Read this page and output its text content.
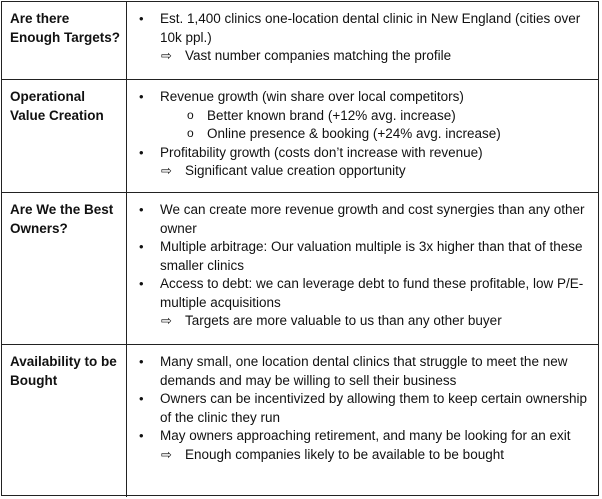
Are there Enough Targets?
• Est. 1,400 clinics one-location dental clinic in New England (cities over 10k ppl.)
⇨ Vast number companies matching the profile
Operational Value Creation
• Revenue growth (win share over local competitors)
o Better known brand (+12% avg. increase)
o Online presence & booking (+24% avg. increase)
• Profitability growth (costs don’t increase with revenue)
⇨ Significant value creation opportunity
Are We the Best Owners?
• We can create more revenue growth and cost synergies than any other owner
• Multiple arbitrage: Our valuation multiple is 3x higher than that of these smaller clinics
• Access to debt: we can leverage debt to fund these profitable, low P/E-multiple acquisitions
⇨ Targets are more valuable to us than any other buyer
Availability to be Bought
• Many small, one location dental clinics that struggle to meet the new demands and may be willing to sell their business
• Owners can be incentivized by allowing them to keep certain ownership of the clinic they run
• May owners approaching retirement, and many be looking for an exit
⇨ Enough companies likely to be available to be bought
